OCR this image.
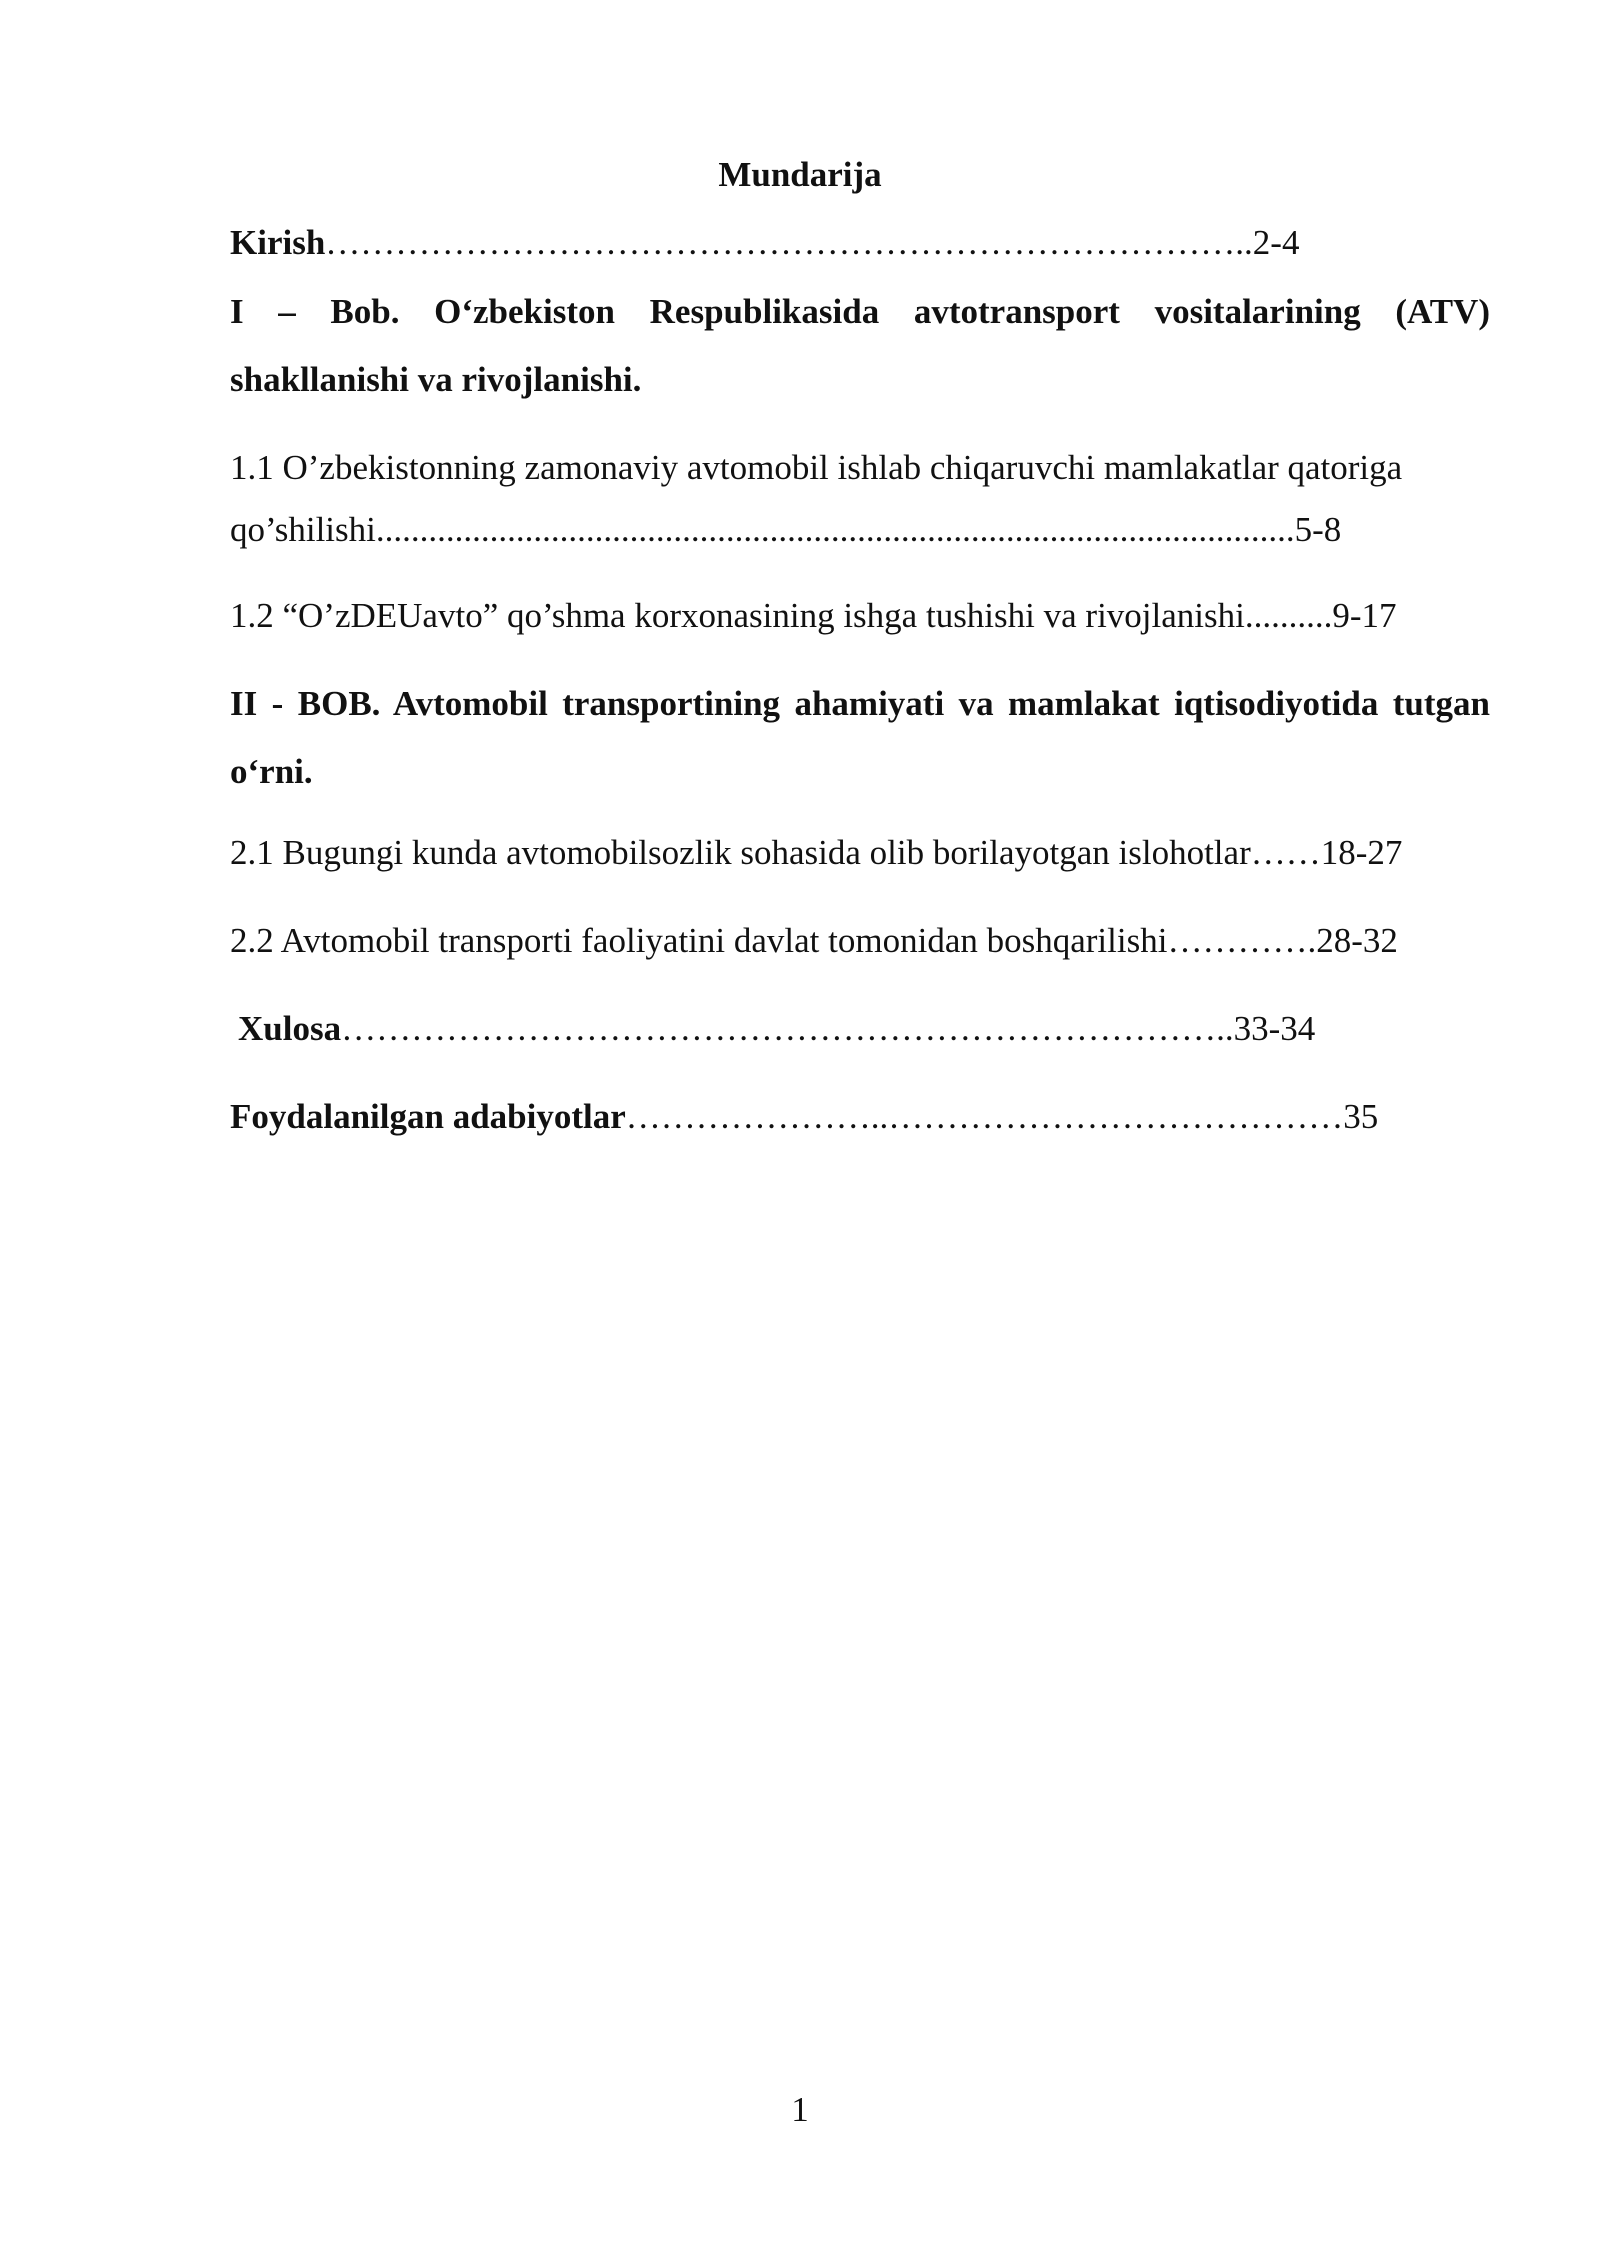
Mundarija
Kirish……………………………………………………………………..2-4
I – Bob. O‘zbekiston Respublikasida avtotransport vositalarining (ATV) shakllanishi va rivojlanishi.
1.1 O’zbekistonning zamonaviy avtomobil ishlab chiqaruvchi mamlakatlar qatoriga
qo’shilishi.........................................................................................................5-8
1.2 “O’zDEUavto” qo’shma korxonasining ishga tushishi va rivojlanishi..........9-17
II - BOB. Avtomobil transportining ahamiyati va mamlakat iqtisodiyotida tutgan o‘rni.
2.1 Bugungi kunda avtomobilsozlik sohasida olib borilayotgan islohotlar……18-27
2.2 Avtomobil transporti faoliyatini davlat tomonidan boshqarilishi………….28-32
Xulosa…………………………………………………………………..33-34
Foydalanilgan adabiyotlar…………………..…………………………………35
1
